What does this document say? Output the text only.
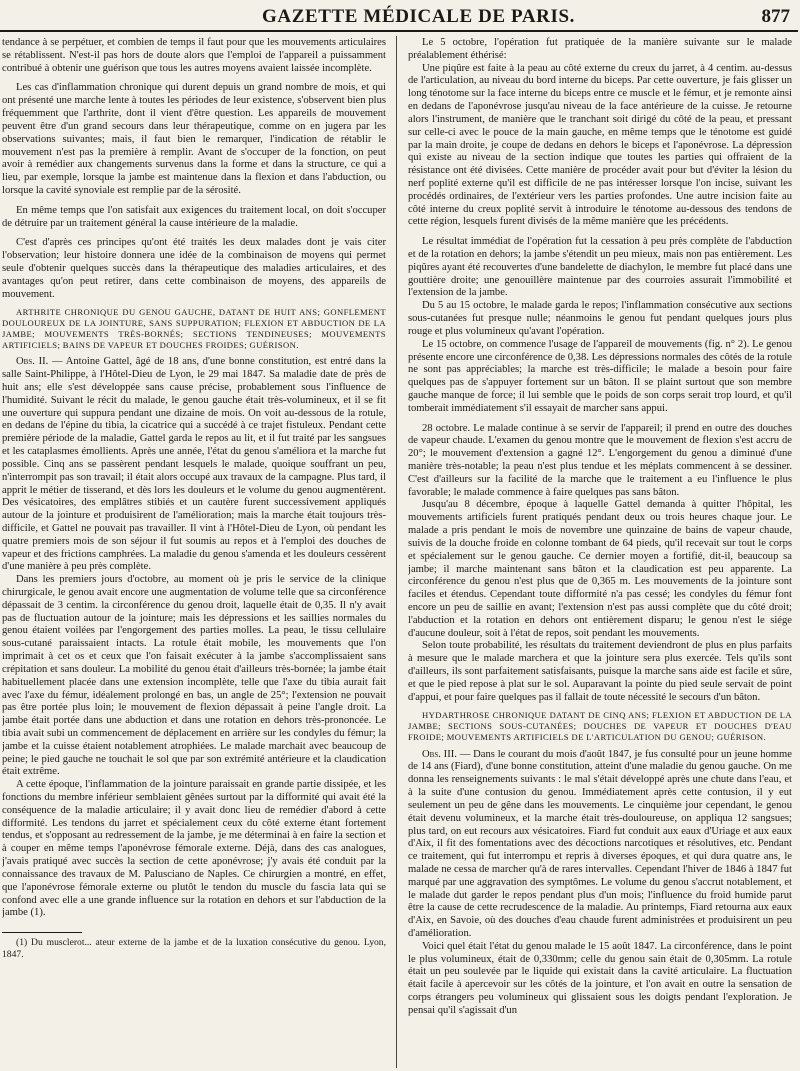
GAZETTE MÉDICALE DE PARIS.	877

tendance à se perpétuer, et combien de temps il faut pour que les mouvements articulaires se rétablissent. N'est-il pas hors de doute alors que l'emploi de l'appareil a puissamment contribué à obtenir une guérison que tous les autres moyens avaient laissée incomplète.

Les cas d'inflammation chronique qui durent depuis un grand nombre de mois, et qui ont présenté une marche lente à toutes les périodes de leur existence, s'observent bien plus fréquemment que l'arthrite, dont il vient d'être question. Les appareils de mouvement peuvent être d'un grand secours dans leur thérapeutique, comme on en jugera par les observations suivantes; mais, il faut bien le remarquer, l'indication de rétablir le mouvement n'est pas la première à remplir. Avant de s'occuper de la fonction, on peut avoir à remédier aux changements survenus dans la forme et dans la structure, ce qui a lieu, par exemple, lorsque la jambe est maintenue dans la flexion et dans l'abduction, ou lorsque la cavité synoviale est remplie par de la sérosité.

En même temps que l'on satisfait aux exigences du traitement local, on doit s'occuper de détruire par un traitement général la cause intérieure de la maladie.

C'est d'après ces principes qu'ont été traités les deux malades dont je vais citer l'observation; leur histoire donnera une idée de la combinaison de moyens qui permet seule d'obtenir quelques succès dans la thérapeutique des maladies articulaires, et des avantages qu'on peut retirer, dans cette combinaison de moyens, des appareils de mouvement.

ARTHRITE CHRONIQUE DU GENOU GAUCHE, DATANT DE HUIT ANS; GONFLEMENT DOULOUREUX DE LA JOINTURE, SANS SUPPURATION; FLEXION ET ABDUCTION DE LA JAMBE; MOUVEMENTS TRÈS-BORNÉS; SECTIONS TENDINEUSES; MOUVEMENTS ARTIFICIELS; BAINS DE VAPEUR ET DOUCHES FROIDES; GUÉRISON.

Obs. II. — Antoine Gattel, âgé de 18 ans, d'une bonne constitution, est entré dans la salle Saint-Philippe, à l'Hôtel-Dieu de Lyon, le 29 mai 1847. Sa maladie date de près de huit ans; elle s'est développée sans cause précise, probablement sous l'influence de l'humidité. Suivant le récit du malade, le genou gauche était très-volumineux, et il se fit une ouverture qui suppura pendant une dizaine de mois. On voit au-dessous de la rotule, en dedans de l'épine du tibia, la cicatrice qui a succédé à ce trajet fistuleux. Pendant cette première période de la maladie, Gattel garda le repos au lit, et il fut traité par les sangsues et les cataplasmes émollients. Après une année, l'état du genou s'améliora et la marche fut possible. Cinq ans se passèrent pendant lesquels le malade, quoique souffrant un peu, n'interrompit pas son travail; il était alors occupé aux travaux de la campagne. Plus tard, il apprit le métier de tisserand, et dès lors les douleurs et le volume du genou augmentèrent. Des vésicatoires, des emplâtres stibiés et un cautère furent successivement appliqués autour de la jointure et produisirent de l'amélioration; mais la marche était toujours très-difficile, et Gattel ne pouvait pas travailler. Il vint à l'Hôtel-Dieu de Lyon, où pendant les quatre premiers mois de son séjour il fut soumis au repos et à l'emploi des douches de vapeur et des frictions camphrées. La maladie du genou s'amenda et les douleurs cessèrent d'une manière à peu près complète.

Dans les premiers jours d'octobre, au moment où je pris le service de la clinique chirurgicale, le genou avait encore une augmentation de volume telle que sa circonférence dépassait de 3 centim. la circonférence du genou droit, laquelle était de 0,35. Il n'y avait pas de fluctuation autour de la jointure; mais les dépressions et les saillies normales du genou étaient voilées par l'engorgement des parties molles. La peau, le tissu cellulaire sous-cutané paraissaient intacts. La rotule était mobile, les mouvements que l'on imprimait à cet os et ceux que l'on faisait exécuter à la jambe s'accomplissaient sans crépitation et sans douleur. La mobilité du genou était d'ailleurs très-bornée; la jambe était habituellement placée dans une extension incomplète, telle que l'axe du tibia aurait fait avec l'axe du fémur, idéalement prolongé en bas, un angle de 25°; l'extension ne pouvait pas être portée plus loin; le mouvement de flexion dépassait à peine l'angle droit. La jambe était portée dans une abduction et dans une rotation en dehors très-prononcée. Le tibia avait subi un commencement de déplacement en arrière sur les condyles du fémur; la jambe et la cuisse étaient notablement atrophiées. Le malade marchait avec beaucoup de peine; le pied gauche ne touchait le sol que par son extrémité antérieure et la claudication était extrême.

A cette époque, l'inflammation de la jointure paraissait en grande partie dissipée, et les fonctions du membre inférieur semblaient gênées surtout par la difformité qui avait été la conséquence de la maladie articulaire; il y avait donc lieu de remédier d'abord à cette difformité. Les tendons du jarret et spécialement ceux du côté externe étant fortement tendus, et s'opposant au redressement de la jambe, je me déterminai à en faire la section et à couper en même temps l'aponévrose fémorale externe. Déjà, dans des cas analogues, j'avais pratiqué avec succès la section de cette aponévrose; j'y avais été conduit par la connaissance des travaux de M. Palusciano de Naples. Ce chirurgien a montré, en effet, que l'aponévrose fémorale externe ou plutôt le tendon du muscle du fascia lata qui se confond avec elle a une grande influence sur la rotation en dehors et sur l'abduction de la jambe (1).

(1) Du musclerot... ateur externe de la jambe et de la luxation consécutive du genou. Lyon, 1847.

Le 5 octobre, l'opération fut pratiquée de la manière suivante sur le malade préalablement éthérisé:

Une piqûre est faite à la peau au côté externe du creux du jarret, à 4 centim. au-dessus de l'articulation, au niveau du bord interne du biceps. Par cette ouverture, je fais glisser un long ténotome sur la face interne du biceps entre ce muscle et le fémur, et je remonte ainsi en dedans de l'aponévrose jusqu'au niveau de la face antérieure de la cuisse. Je retourne alors l'instrument, de manière que le tranchant soit dirigé du côté de la peau, et pressant sur celle-ci avec le pouce de la main gauche, en même temps que le ténotome est guidé par la main droite, je coupe de dedans en dehors le biceps et l'aponévrose. La dépression qui existe au niveau de la section indique que toutes les parties qui offraient de la résistance ont été divisées. Cette manière de procéder avait pour but d'éviter la lésion du nerf poplité externe qu'il est difficile de ne pas intéresser lorsque l'on incise, suivant les procédés ordinaires, de l'extérieur vers les parties profondes. Une autre incision faite au côté interne du creux poplité servit à introduire le ténotome au-dessous des tendons de cette région, lesquels furent divisés de la même manière que les précédents.

Le résultat immédiat de l'opération fut la cessation à peu près complète de l'abduction et de la rotation en dehors; la jambe s'étendit un peu mieux, mais non pas entièrement. Les piqûres ayant été recouvertes d'une bandelette de diachylon, le membre fut placé dans une gouttière droite; une genouillère maintenue par des courroies assurait l'immobilité et l'extension de la jambe.

Du 5 au 15 octobre, le malade garda le repos; l'inflammation consécutive aux sections sous-cutanées fut presque nulle; néanmoins le genou fut pendant quelques jours plus rouge et plus volumineux qu'avant l'opération.

Le 15 octobre, on commence l'usage de l'appareil de mouvements (fig. n° 2). Le genou présente encore une circonférence de 0,38. Les dépressions normales des côtés de la rotule ne sont pas appréciables; la marche est très-difficile; le malade a besoin pour faire quelques pas de s'appuyer fortement sur un bâton. Il se plaint surtout que son membre gauche manque de force; il lui semble que le poids de son corps serait trop lourd, et qu'il tomberait immédiatement s'il essayait de marcher sans appui.

28 octobre. Le malade continue à se servir de l'appareil; il prend en outre des douches de vapeur chaude. L'examen du genou montre que le mouvement de flexion s'est accru de 20°; le mouvement d'extension a gagné 12°. L'engorgement du genou a diminué d'une manière très-notable; la peau n'est plus tendue et les méplats commencent à se dessiner. C'est d'ailleurs sur la facilité de la marche que le traitement a eu l'influence le plus favorable; le malade commence à faire quelques pas sans bâton.

Jusqu'au 8 décembre, époque à laquelle Gattel demanda à quitter l'hôpital, les mouvements artificiels furent pratiqués pendant deux ou trois heures chaque jour. Le malade a pris pendant le mois de novembre une quinzaine de bains de vapeur chaude, suivis de la douche froide en colonne tombant de 64 pieds, qu'il recevait sur tout le corps et spécialement sur le genou gauche. Ce dernier moyen a fortifié, dit-il, beaucoup sa jambe; il marche maintenant sans bâton et la claudication est peu apparente. La circonférence du genou n'est plus que de 0,365 m. Les mouvements de la jointure sont faciles et étendus. Cependant toute difformité n'a pas cessé; les condyles du fémur font encore un peu de saillie en avant; l'extension n'est pas aussi complète que du côté droit; l'abduction et la rotation en dehors ont entièrement disparu; le genou n'est le siége d'aucune douleur, soit à l'état de repos, soit pendant les mouvements.

Selon toute probabilité, les résultats du traitement deviendront de plus en plus parfaits à mesure que le malade marchera et que la jointure sera plus exercée. Tels qu'ils sont d'ailleurs, ils sont parfaitement satisfaisants, puisque la marche sans aide est facile et sûre, et que le pied repose à plat sur le sol. Auparavant la pointe du pied seule servait de point d'appui, et pour faire quelques pas il fallait de toute nécessité le secours d'un bâton.

HYDARTHROSE CHRONIQUE DATANT DE CINQ ANS; FLEXION ET ABDUCTION DE LA JAMBE; SECTIONS SOUS-CUTANÉES; DOUCHES DE VAPEUR ET DOUCHES D'EAU FROIDE; MOUVEMENTS ARTIFICIELS DE L'ARTICULATION DU GENOU; GUÉRISON.

Obs. III. — Dans le courant du mois d'août 1847, je fus consulté pour un jeune homme de 14 ans (Fiard), d'une bonne constitution, atteint d'une maladie du genou gauche. On me donna les renseignements suivants : le mal s'était développé après une chute dans l'eau, et à la suite d'une contusion du genou. Immédiatement après cette contusion, il y eut seulement un peu de gêne dans les mouvements. Le cinquième jour cependant, le genou était devenu volumineux, et la marche était très-douloureuse, on appliqua 12 sangsues; plus tard, on eut recours aux vésicatoires. Fiard fut conduit aux eaux d'Uriage et aux eaux d'Aix, il fit des fomentations avec des décoctions narcotiques et résolutives, etc. Pendant ce traitement, qui fut interrompu et repris à diverses époques, et qui dura quatre ans, le malade ne cessa de marcher qu'à de rares intervalles. Cependant l'hiver de 1846 à 1847 fut marqué par une aggravation des symptômes. Le volume du genou s'accrut notablement, et le malade dut garder le repos pendant plus d'un mois; l'influence du froid humide parut être la cause de cette recrudescence de la maladie. Au printemps, Fiard retourna aux eaux d'Aix, en Savoie, où des douches d'eau chaude furent administrées et produisirent un peu d'amélioration.

Voici quel était l'état du genou malade le 15 août 1847. La circonférence, dans le point le plus volumineux, était de 0,330mm; celle du genou sain était de 0,305mm. La rotule était un peu soulevée par le liquide qui existait dans la cavité articulaire. La fluctuation était facile à apercevoir sur les côtés de la jointure, et l'on avait en outre la sensation de corps étrangers peu volumineux qui glissaient sous les doigts pendant l'exploration. Je pensai qu'il s'agissait d'un
